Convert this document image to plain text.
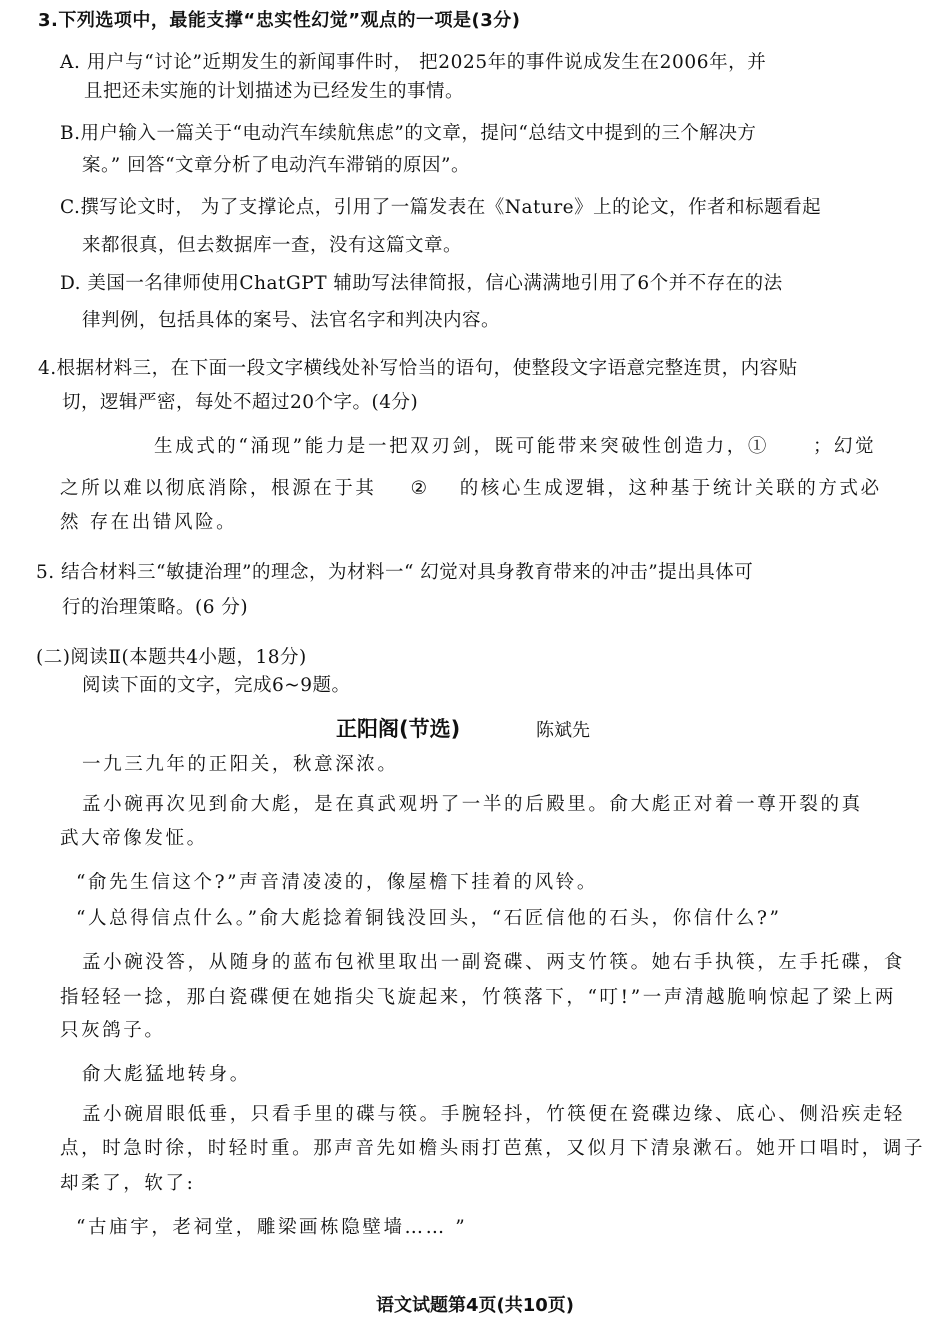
3.下列选项中，最能支撑“忠实性幻觉”观点的一项是(3分)
A. 用户与“讨论”近期发生的新闻事件时， 把2025年的事件说成发生在2006年，并
且把还未实施的计划描述为已经发生的事情。
B.用户输入一篇关于“电动汽车续航焦虑”的文章，提问“总结文中提到的三个解决方
案。” 回答“文章分析了电动汽车滞销的原因”。
C.撰写论文时， 为了支撑论点，引用了一篇发表在《Nature》上的论文，作者和标题看起
来都很真，但去数据库一查，没有这篇文章。
D. 美国一名律师使用ChatGPT 辅助写法律简报，信心满满地引用了6个并不存在的法
律判例，包括具体的案号、法官名字和判决内容。
4.根据材料三，在下面一段文字横线处补写恰当的语句，使整段文字语意完整连贯，内容贴
切，逻辑严密，每处不超过20个字。(4分)
生成式的“涌现”能力是一把双刃剑，既可能带来突破性创造力，① ；幻觉
之所以难以彻底消除，根源在于其 ② 的核心生成逻辑，这种基于统计关联的方式必
然 存在出错风险。
5. 结合材料三“敏捷治理”的理念，为材料一“ 幻觉对具身教育带来的冲击”提出具体可
行的治理策略。(6 分)
(二)阅读Ⅱ(本题共4小题，18分)
阅读下面的文字，完成6~9题。
正阳阁(节选)	陈斌先
一九三九年的正阳关，秋意深浓。
孟小碗再次见到俞大彪，是在真武观坍了一半的后殿里。俞大彪正对着一尊开裂的真
武大帝像发怔。
“俞先生信这个?”声音清凌凌的，像屋檐下挂着的风铃。
“人总得信点什么。”俞大彪捻着铜钱没回头，“石匠信他的石头，你信什么?”
孟小碗没答，从随身的蓝布包袱里取出一副瓷碟、两支竹筷。她右手执筷，左手托碟，食
指轻轻一捻，那白瓷碟便在她指尖飞旋起来，竹筷落下，“叮!”一声清越脆响惊起了梁上两
只灰鸽子。
俞大彪猛地转身。
孟小碗眉眼低垂，只看手里的碟与筷。手腕轻抖，竹筷便在瓷碟边缘、底心、侧沿疾走轻
点，时急时徐，时轻时重。那声音先如檐头雨打芭蕉，又似月下清泉漱石。她开口唱时，调子
却柔了，软了:
“古庙宇，老祠堂，雕梁画栋隐壁墙…… ”
语文试题第4页(共10页)
